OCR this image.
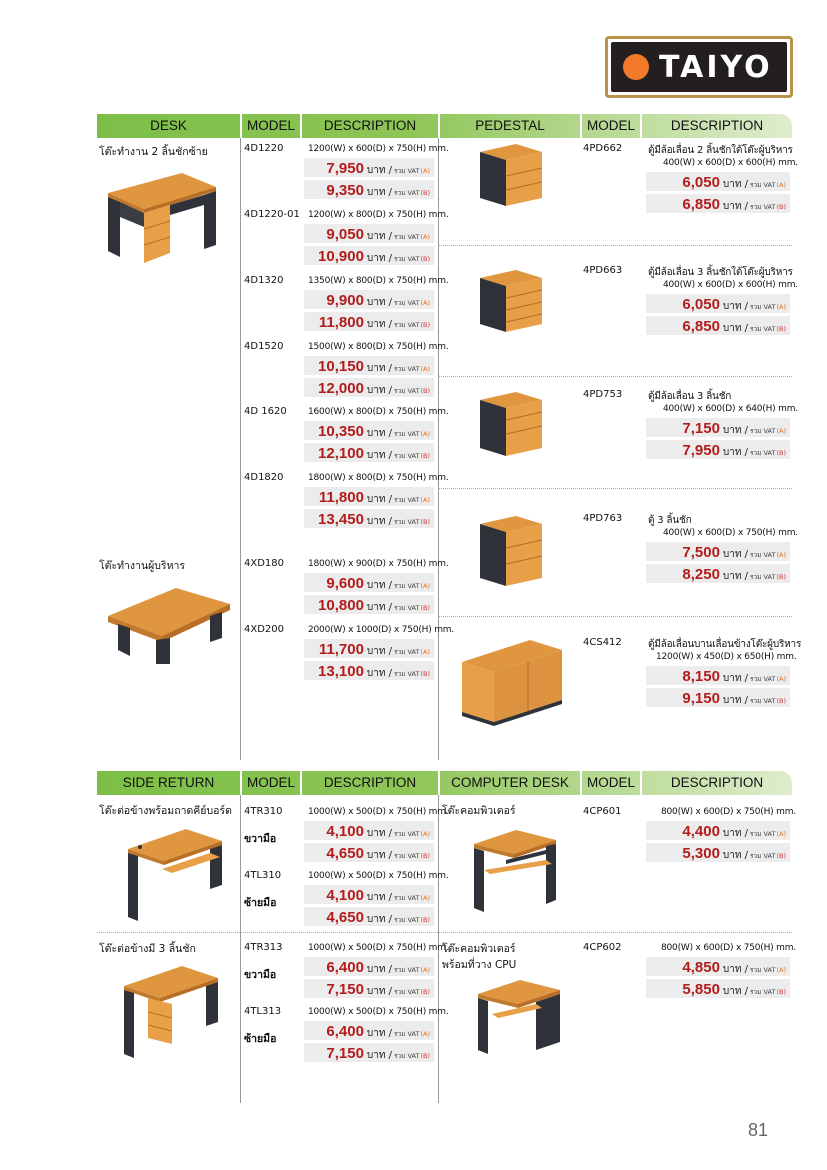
TAIYO
DESK	MODEL	DESCRIPTION	PEDESTAL	MODEL	DESCRIPTION
SIDE RETURN	MODEL	DESCRIPTION	COMPUTER DESK	MODEL	DESCRIPTION
โต๊ะทำงาน 2 ลิ้นชักซ้าย
โต๊ะทำงานผู้บริหาร
โต๊ะต่อข้างพร้อมถาดคีย์บอร์ด
โต๊ะต่อข้างมี 3 ลิ้นชัก
โต๊ะคอมพิวเตอร์
โต๊ะคอมพิวเตอร์
พร้อมที่วาง CPU
81
4D1220	1200(W) x 600(D) x 750(H) mm.
7,950 บาท / รวม VAT(A)
9,350 บาท / รวม VAT(B)
4D1220-01 1200(W) x 800(D) x 750(H) mm.
9,050 บาท / รวม VAT(A)
10,900 บาท / รวม VAT(B)
4D1320	1350(W) x 800(D) x 750(H) mm.
9,900 บาท / รวม VAT(A)
11,800 บาท / รวม VAT(B)
4D1520	1500(W) x 800(D) x 750(H) mm.
10,150 บาท / รวม VAT(A)
12,000 บาท / รวม VAT(B)
4D 1620 1600(W) x 800(D) x 750(H) mm.
10,350 บาท / รวม VAT(A)
12,100 บาท / รวม VAT(B)
4D1820	1800(W) x 800(D) x 750(H) mm.
11,800 บาท / รวม VAT(A)
13,450 บาท / รวม VAT(B)
4XD180	1800(W) x 900(D) x 750(H) mm.
9,600 บาท / รวม VAT(A)
10,800 บาท / รวม VAT(B)
4XD200	2000(W) x 1000(D) x 750(H) mm.
11,700 บาท / รวม VAT(A)
13,100 บาท / รวม VAT(B)
4PD662	ตู้มีล้อเลื่อน 2 ลิ้นชักใต้โต๊ะผู้บริหาร
400(W) x 600(D) x 600(H) mm.
6,050 บาท / รวม VAT(A)
6,850 บาท / รวม VAT(B)
4PD663	ตู้มีล้อเลื่อน 3 ลิ้นชักใต้โต๊ะผู้บริหาร
400(W) x 600(D) x 600(H) mm.
6,050 บาท / รวม VAT(A)
6,850 บาท / รวม VAT(B)
4PD753	ตู้มีล้อเลื่อน 3 ลิ้นชัก
400(W) x 600(D) x 640(H) mm.
7,150 บาท / รวม VAT(A)
7,950 บาท / รวม VAT(B)
4PD763	ตู้ 3 ลิ้นชัก
400(W) x 600(D) x 750(H) mm.
7,500 บาท / รวม VAT(A)
8,250 บาท / รวม VAT(B)
4CS412	ตู้มีล้อเลื่อนบานเลื่อนข้างโต๊ะผู้บริหาร
1200(W) x 450(D) x 650(H) mm.
8,150 บาท / รวม VAT(A)
9,150 บาท / รวม VAT(B)
4TR310
ขวามือ
1000(W) x 500(D) x 750(H) mm.
4,100 บาท / รวม VAT(A)
4,650 บาท / รวม VAT(B)
4TL310
ซ้ายมือ
1000(W) x 500(D) x 750(H) mm.
4,100 บาท / รวม VAT(A)
4,650 บาท / รวม VAT(B)
4TR313
ขวามือ
1000(W) x 500(D) x 750(H) mm.
6,400 บาท / รวม VAT(A)
7,150 บาท / รวม VAT(B)
4TL313
ซ้ายมือ
1000(W) x 500(D) x 750(H) mm.
6,400 บาท / รวม VAT(A)
7,150 บาท / รวม VAT(B)
4CP601	800(W) x 600(D) x 750(H) mm.
4,400 บาท / รวม VAT(A)
5,300 บาท / รวม VAT(B)
4CP602	800(W) x 600(D) x 750(H) mm.
4,850 บาท / รวม VAT(A)
5,850 บาท / รวม VAT(B)
